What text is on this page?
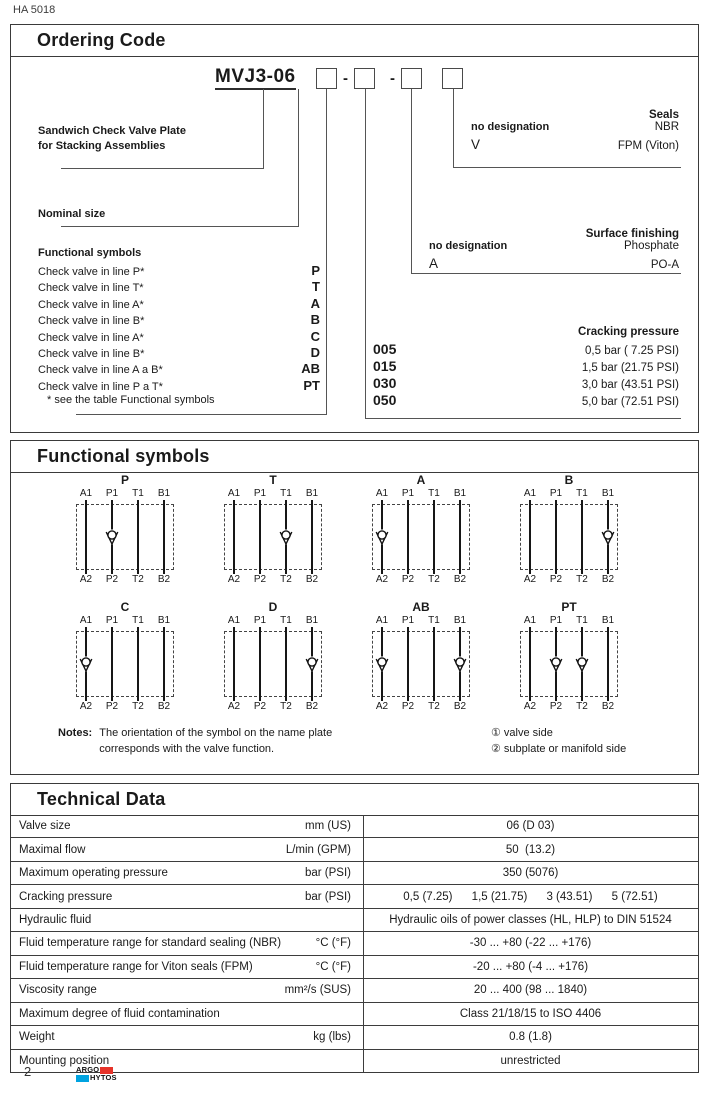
HA 5018
Ordering Code
MVJ3-06	-	-
Sandwich Check Valve Plate
for Stacking Assemblies
Nominal size
Functional symbols
Check valve in line P*	P
Check valve in line T*	T
Check valve in line A*	A
Check valve in line B*	B
Check valve in line A*	C
Check valve in line B*	D
Check valve in line A a B*	AB
Check valve in line P a T*	PT
* see the table Functional symbols
Cracking pressure
005	0,5 bar ( 7.25 PSI)
015	1,5 bar (21.75 PSI)
030	3,0 bar (43.51 PSI)
050	5,0 bar (72.51 PSI)
Surface finishing
no designation	Phosphate
A	PO-A
Seals
no designation	NBR
V	FPM (Viton)
Functional symbols
P
A1	P1	T1	B1
A2	P2	T2	B2
T
A1	P1	T1	B1
A2	P2	T2	B2
A
A1	P1	T1	B1
A2	P2	T2	B2
B
A1	P1	T1	B1
A2	P2	T2	B2
C
A1	P1	T1	B1
A2	P2	T2	B2
D
A1	P1	T1	B1
A2	P2	T2	B2
AB
A1	P1	T1	B1
A2	P2	T2	B2
PT
A1	P1	T1	B1
A2	P2	T2	B2
Notes: The orientation of the symbol on the name plate
corresponds with the valve function.
① valve side
② subplate or manifold side
Technical Data
Valve size	mm (US)	06 (D 03)
Maximal flow	L/min (GPM)	50  (13.2)
Maximum operating pressure	bar (PSI)	350 (5076)
Cracking pressure	bar (PSI)	0,5 (7.25)      1,5 (21.75)      3 (43.51)      5 (72.51)
Hydraulic fluid	Hydraulic oils of power classes (HL, HLP) to DIN 51524
Fluid temperature range for standard sealing (NBR)	°C (°F)	-30 ... +80 (-22 ... +176)
Fluid temperature range for Viton seals (FPM)	°C (°F)	-20 ... +80 (-4 ... +176)
Viscosity range	mm²/s (SUS)	20 ... 400 (98 ... 1840)
Maximum degree of fluid contamination	Class 21/18/15 to ISO 4406
Weight	kg (lbs)	0.8 (1.8)
Mounting position	unrestricted
2	ARGO
HYTOS
